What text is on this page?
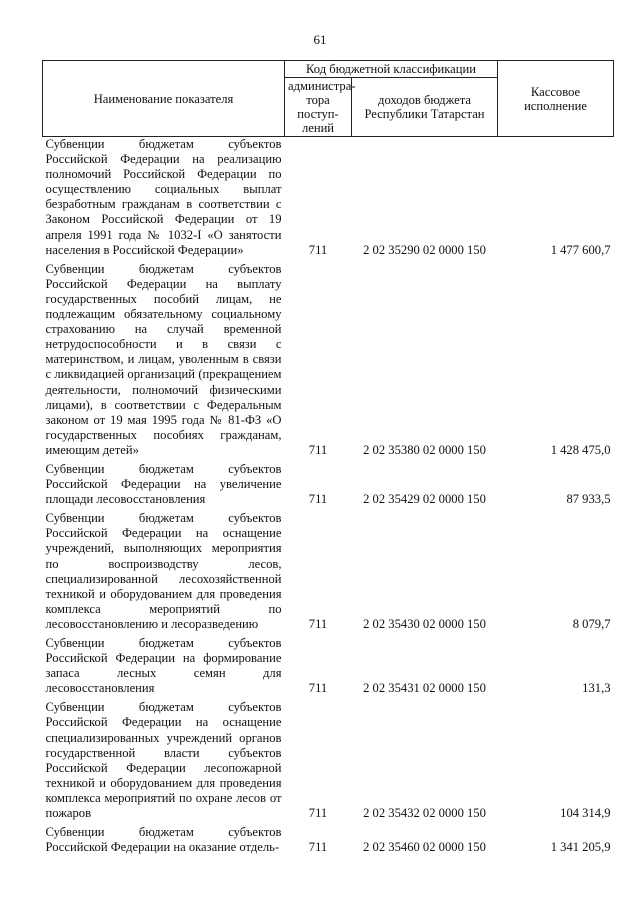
61
Наименование показателя	Код бюджетной классификации		Кассовое исполнение
	администра-тора поступ-лений	доходов бюджета Республики Татарстан	
Субвенции бюджетам субъектов Российской Федерации на реализацию полномочий Российской Федерации по осуществлению социальных выплат безработным гражданам в соответствии с Законом Российской Федерации от 19 апреля 1991 года № 1032-I «О занятости населения в Российской Федерации»	711	2 02 35290 02 0000 150	1 477 600,7
Субвенции бюджетам субъектов Российской Федерации на выплату государственных пособий лицам, не подлежащим обязательному социальному страхованию на случай временной нетрудоспособности и в связи с материнством, и лицам, уволенным в связи с ликвидацией организаций (прекращением деятельности, полномочий физическими лицами), в соответствии с Федеральным законом от 19 мая 1995 года № 81-ФЗ «О государственных пособиях гражданам, имеющим детей»	711	2 02 35380 02 0000 150	1 428 475,0
Субвенции бюджетам субъектов Российской Федерации на увеличение площади лесовосстановления	711	2 02 35429 02 0000 150	87 933,5
Субвенции бюджетам субъектов Российской Федерации на оснащение учреждений, выполняющих мероприятия по воспроизводству лесов, специализированной лесохозяйственной техникой и оборудованием для проведения комплекса мероприятий по лесовосстановлению и лесоразведению	711	2 02 35430 02 0000 150	8 079,7
Субвенции бюджетам субъектов Российской Федерации на формирование запаса лесных семян для лесовосстановления	711	2 02 35431 02 0000 150	131,3
Субвенции бюджетам субъектов Российской Федерации на оснащение специализированных учреждений органов государственной власти субъектов Российской Федерации лесопожарной техникой и оборудованием для проведения комплекса мероприятий по охране лесов от пожаров	711	2 02 35432 02 0000 150	104 314,9
Субвенции бюджетам субъектов Российской Федерации на оказание отдель-	711	2 02 35460 02 0000 150	1 341 205,9
